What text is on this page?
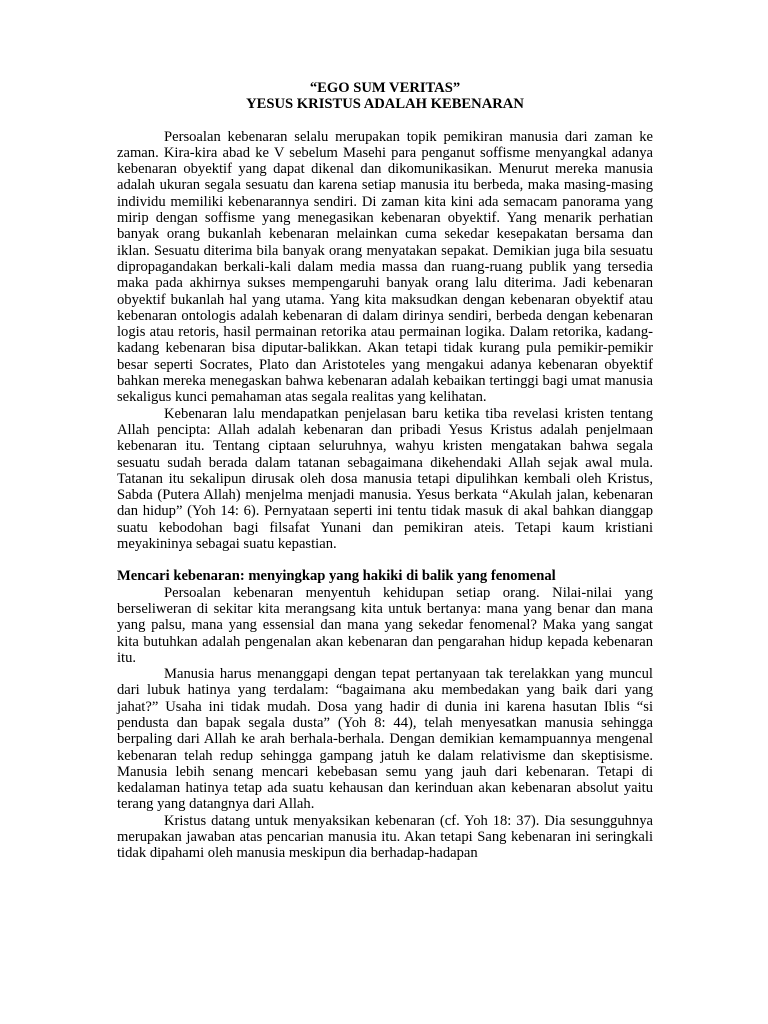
“EGO SUM VERITAS”

YESUS KRISTUS ADALAH KEBENARAN

Persoalan kebenaran selalu merupakan topik pemikiran manusia dari zaman ke zaman. Kira-kira abad ke V sebelum Masehi para penganut soffisme menyangkal adanya kebenaran obyektif yang dapat dikenal dan dikomunikasikan. Menurut mereka manusia adalah ukuran segala sesuatu dan karena setiap manusia itu berbeda, maka masing-masing individu memiliki kebenarannya sendiri. Di zaman kita kini ada semacam panorama yang mirip dengan soffisme yang menegasikan kebenaran obyektif. Yang menarik perhatian banyak orang bukanlah kebenaran melainkan cuma sekedar kesepakatan bersama dan iklan. Sesuatu diterima bila banyak orang menyatakan sepakat. Demikian juga bila sesuatu dipropagandakan berkali-kali dalam media massa dan ruang-ruang publik yang tersedia maka pada akhirnya sukses mempengaruhi banyak orang lalu diterima. Jadi kebenaran obyektif bukanlah hal yang utama. Yang kita maksudkan dengan kebenaran obyektif atau kebenaran ontologis adalah kebenaran di dalam dirinya sendiri, berbeda dengan kebenaran logis atau retoris, hasil permainan retorika atau permainan logika. Dalam retorika, kadang-kadang kebenaran bisa diputar-balikkan. Akan tetapi tidak kurang pula pemikir-pemikir besar seperti Socrates, Plato dan Aristoteles yang mengakui adanya kebenaran obyektif bahkan mereka menegaskan bahwa kebenaran adalah kebaikan tertinggi bagi umat manusia sekaligus kunci pemahaman atas segala realitas yang kelihatan.

Kebenaran lalu mendapatkan penjelasan baru ketika tiba revelasi kristen tentang Allah pencipta: Allah adalah kebenaran dan pribadi Yesus Kristus adalah penjelmaan kebenaran itu. Tentang ciptaan seluruhnya, wahyu kristen mengatakan bahwa segala sesuatu sudah berada dalam tatanan sebagaimana dikehendaki Allah sejak awal mula. Tatanan itu sekalipun dirusak oleh dosa manusia tetapi dipulihkan kembali oleh Kristus, Sabda (Putera Allah) menjelma menjadi manusia. Yesus berkata “Akulah jalan, kebenaran dan hidup” (Yoh 14: 6). Pernyataan seperti ini tentu tidak masuk di akal bahkan dianggap suatu kebodohan bagi filsafat Yunani dan pemikiran ateis. Tetapi kaum kristiani meyakininya sebagai suatu kepastian.

Mencari kebenaran: menyingkap yang hakiki di balik yang fenomenal

Persoalan kebenaran menyentuh kehidupan setiap orang. Nilai-nilai yang berseliweran di sekitar kita merangsang kita untuk bertanya: mana yang benar dan mana yang palsu, mana yang essensial dan mana yang sekedar fenomenal? Maka yang sangat kita butuhkan adalah pengenalan akan kebenaran dan pengarahan hidup kepada kebenaran itu.

Manusia harus menanggapi dengan tepat pertanyaan tak terelakkan yang muncul dari lubuk hatinya yang terdalam: “bagaimana aku membedakan yang baik dari yang jahat?” Usaha ini tidak mudah. Dosa yang hadir di dunia ini karena hasutan Iblis “si pendusta dan bapak segala dusta” (Yoh 8: 44), telah menyesatkan manusia sehingga berpaling dari Allah ke arah berhala-berhala. Dengan demikian kemampuannya mengenal kebenaran telah redup sehingga gampang jatuh ke dalam relativisme dan skeptisisme. Manusia lebih senang mencari kebebasan semu yang jauh dari kebenaran. Tetapi di kedalaman hatinya tetap ada suatu kehausan dan kerinduan akan kebenaran absolut yaitu terang yang datangnya dari Allah.

Kristus datang untuk menyaksikan kebenaran (cf. Yoh 18: 37). Dia sesungguhnya merupakan jawaban atas pencarian manusia itu. Akan tetapi Sang kebenaran ini seringkali tidak dipahami oleh manusia meskipun dia berhadap-hadapan
